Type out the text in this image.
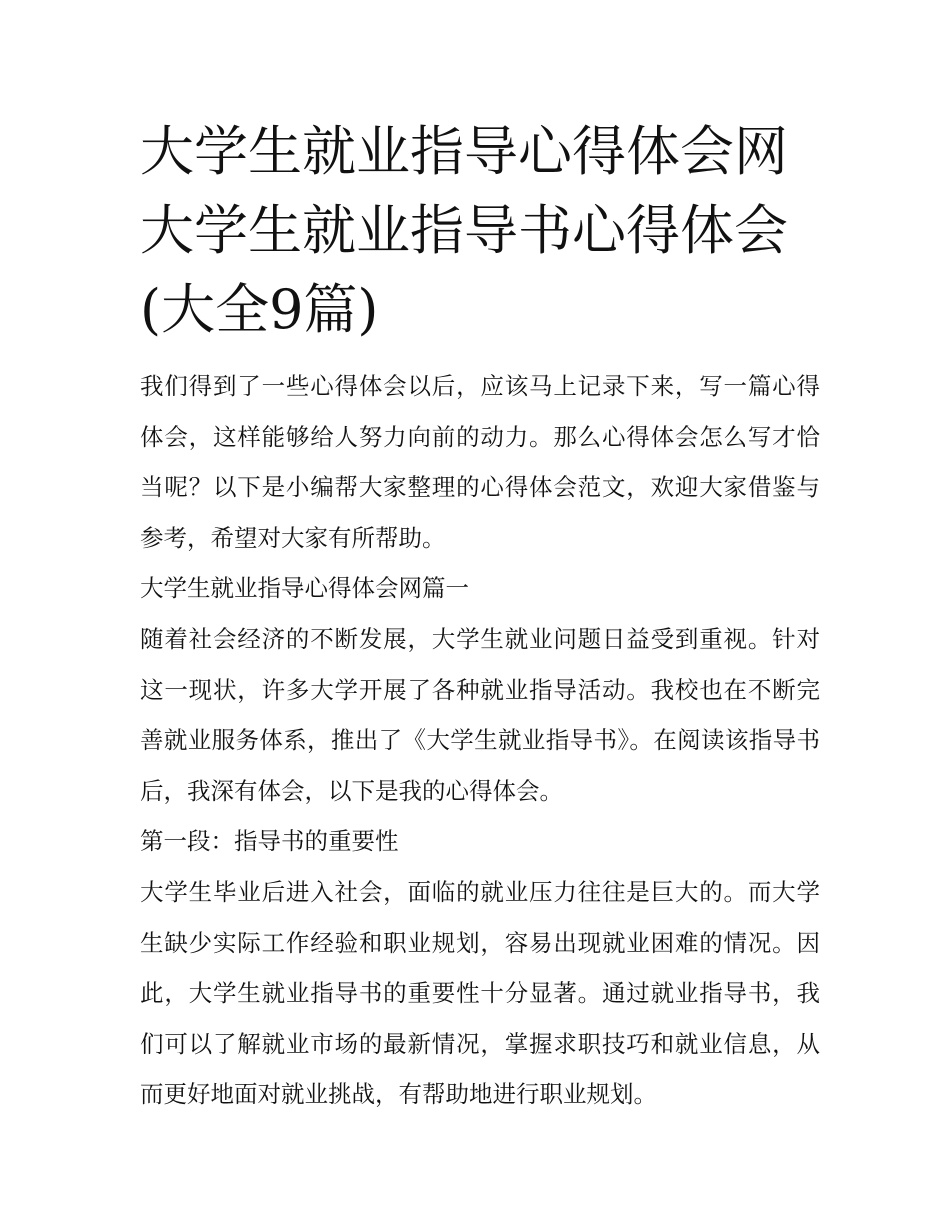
大学生就业指导心得体会网 大学生就业指导书心得体会(大全9篇)

我们得到了一些心得体会以后，应该马上记录下来，写一篇心得体会，这样能够给人努力向前的动力。那么心得体会怎么写才恰当呢？以下是小编帮大家整理的心得体会范文，欢迎大家借鉴与参考，希望对大家有所帮助。

大学生就业指导心得体会网篇一

随着社会经济的不断发展，大学生就业问题日益受到重视。针对这一现状，许多大学开展了各种就业指导活动。我校也在不断完善就业服务体系，推出了《大学生就业指导书》。在阅读该指导书后，我深有体会，以下是我的心得体会。

第一段：指导书的重要性

大学生毕业后进入社会，面临的就业压力往往是巨大的。而大学生缺少实际工作经验和职业规划，容易出现就业困难的情况。因此，大学生就业指导书的重要性十分显著。通过就业指导书，我们可以了解就业市场的最新情况，掌握求职技巧和就业信息，从而更好地面对就业挑战，有帮助地进行职业规划。
